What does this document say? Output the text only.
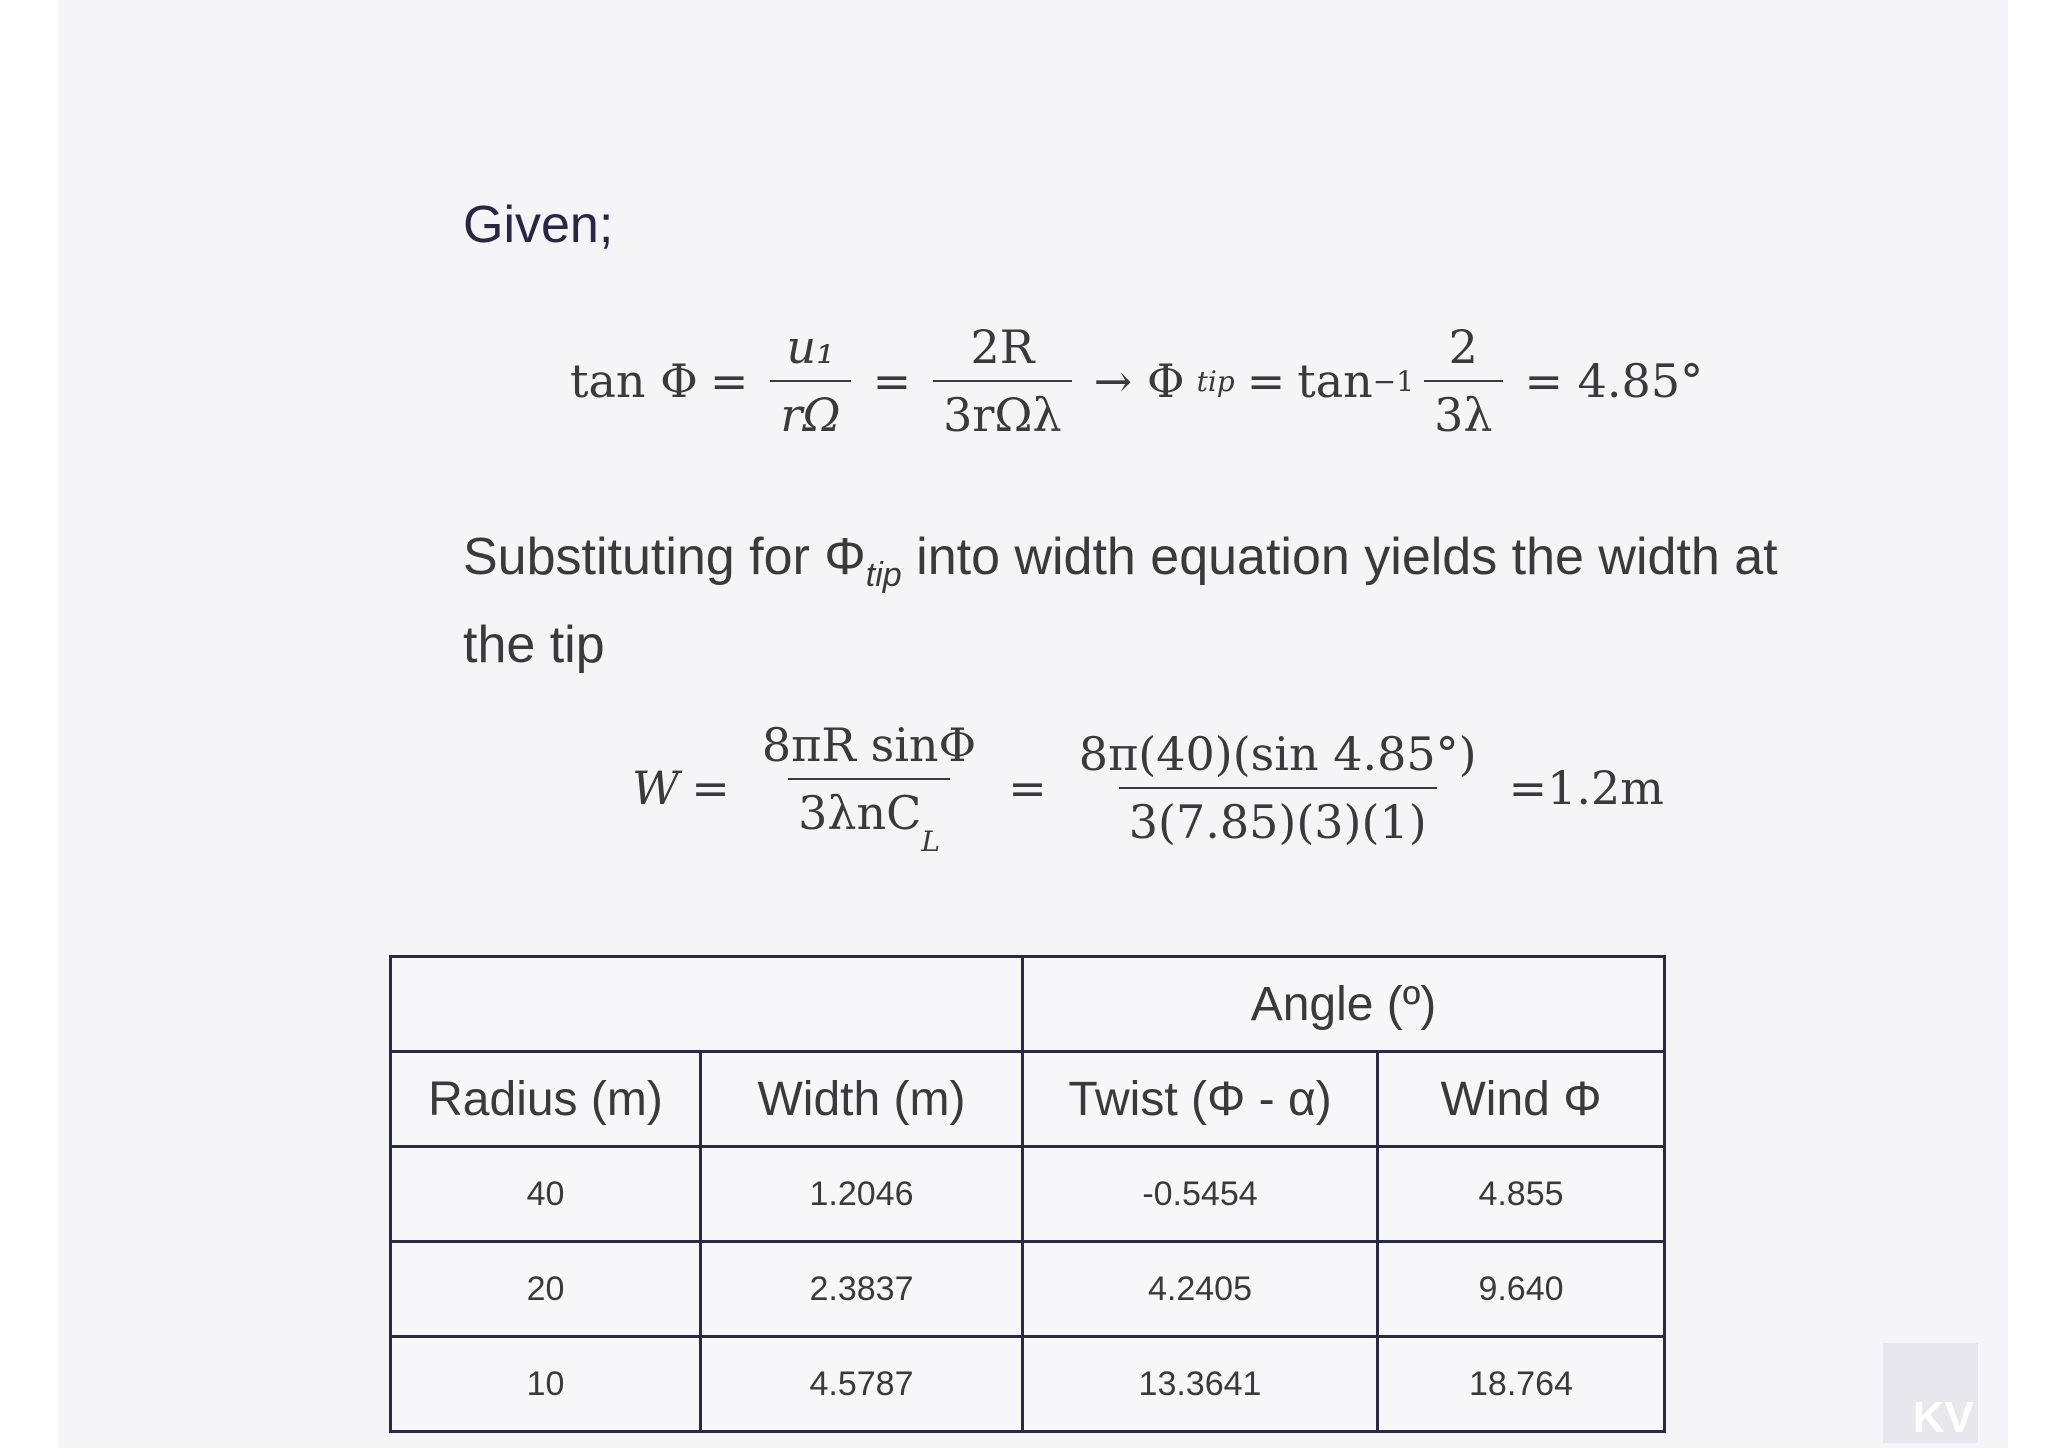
Given;
$\tan \Phi = \frac{\text{u₁}}{r\Omega} = \frac{2R}{\text{3rΩλ}} \to \Phi$ tip = $\tan -1 \frac{2}{3\lambda} = 4.85^\circ$
Substituting for $\Phi_{tip}$ into width equation yields the width at the tip
$W = \frac{\text{8πR sinΦ}}{3\lambda nC_L} = \frac{8\pi(40)(\sin 4.85^\circ)}{3(7.85)(3)(1)} =1.2m$
		Angle (º)	
Radius (m)	Width (m)	Twist (Φ - α)	Wind Φ
40	1.2046	-0.5454	4.855
20	2.3837	4.2405	9.640
10	4.5787	13.3641	18.764
KV
